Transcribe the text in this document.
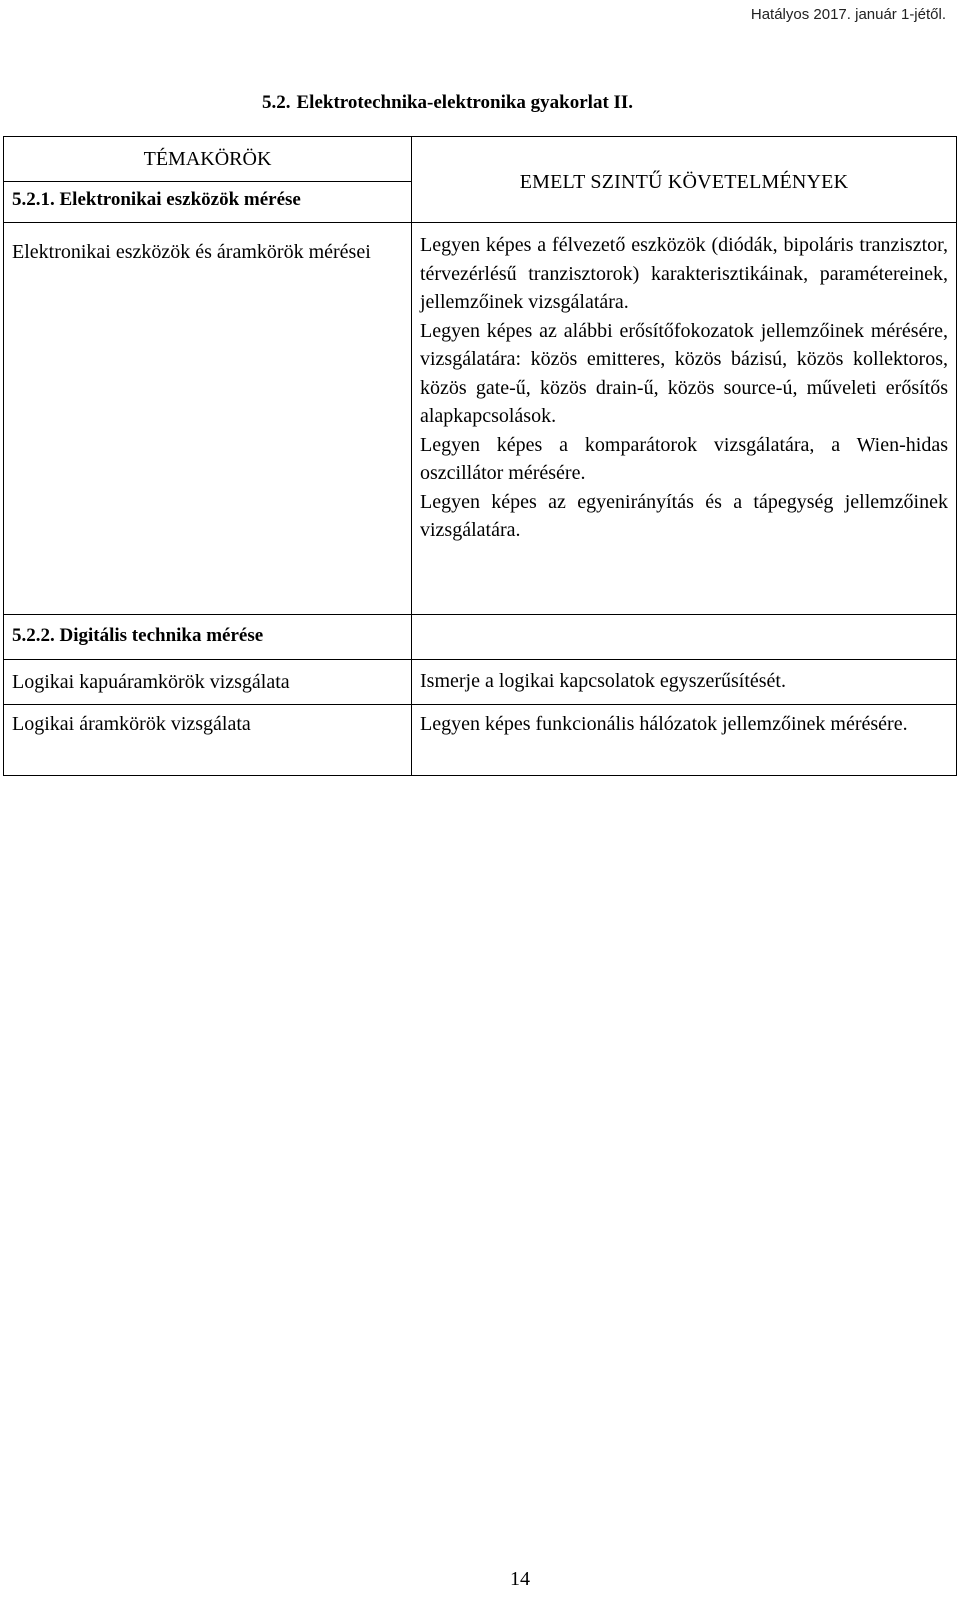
Hatályos 2017. január 1-jétől.
5.2. Elektrotechnika-elektronika gyakorlat II.
TÉMAKÖRÖK	EMELT SZINTŰ KÖVETELMÉNYEK
5.2.1. Elektronikai eszközök mérése	

Elektronikai eszközök és áramkörök mérései	Legyen képes a félvezető eszközök (diódák, bipoláris tranzisztor, térvezérlésű tranzisztorok) karakterisztikáinak, paramétereinek, jellemzőinek vizsgálatára.

Legyen képes az alábbi erősítőfokozatok jellemzőinek mérésére, vizsgálatára: közös emitteres, közös bázisú, közös kollektoros, közös gate-ű, közös drain-ű, közös source-ú, műveleti erősítős alapkapcsolások.

Legyen képes a komparátorok vizsgálatára, a Wien-hidas oszcillátor mérésére.

Legyen képes az egyenirányítás és a tápegység jellemzőinek vizsgálatára.

5.2.2. Digitális technika mérése	
Logikai kapuáramkörök vizsgálata	Ismerje a logikai kapcsolatok egyszerűsítését.

Logikai áramkörök vizsgálata	Legyen képes funkcionális hálózatok jellemzőinek mérésére.

14
